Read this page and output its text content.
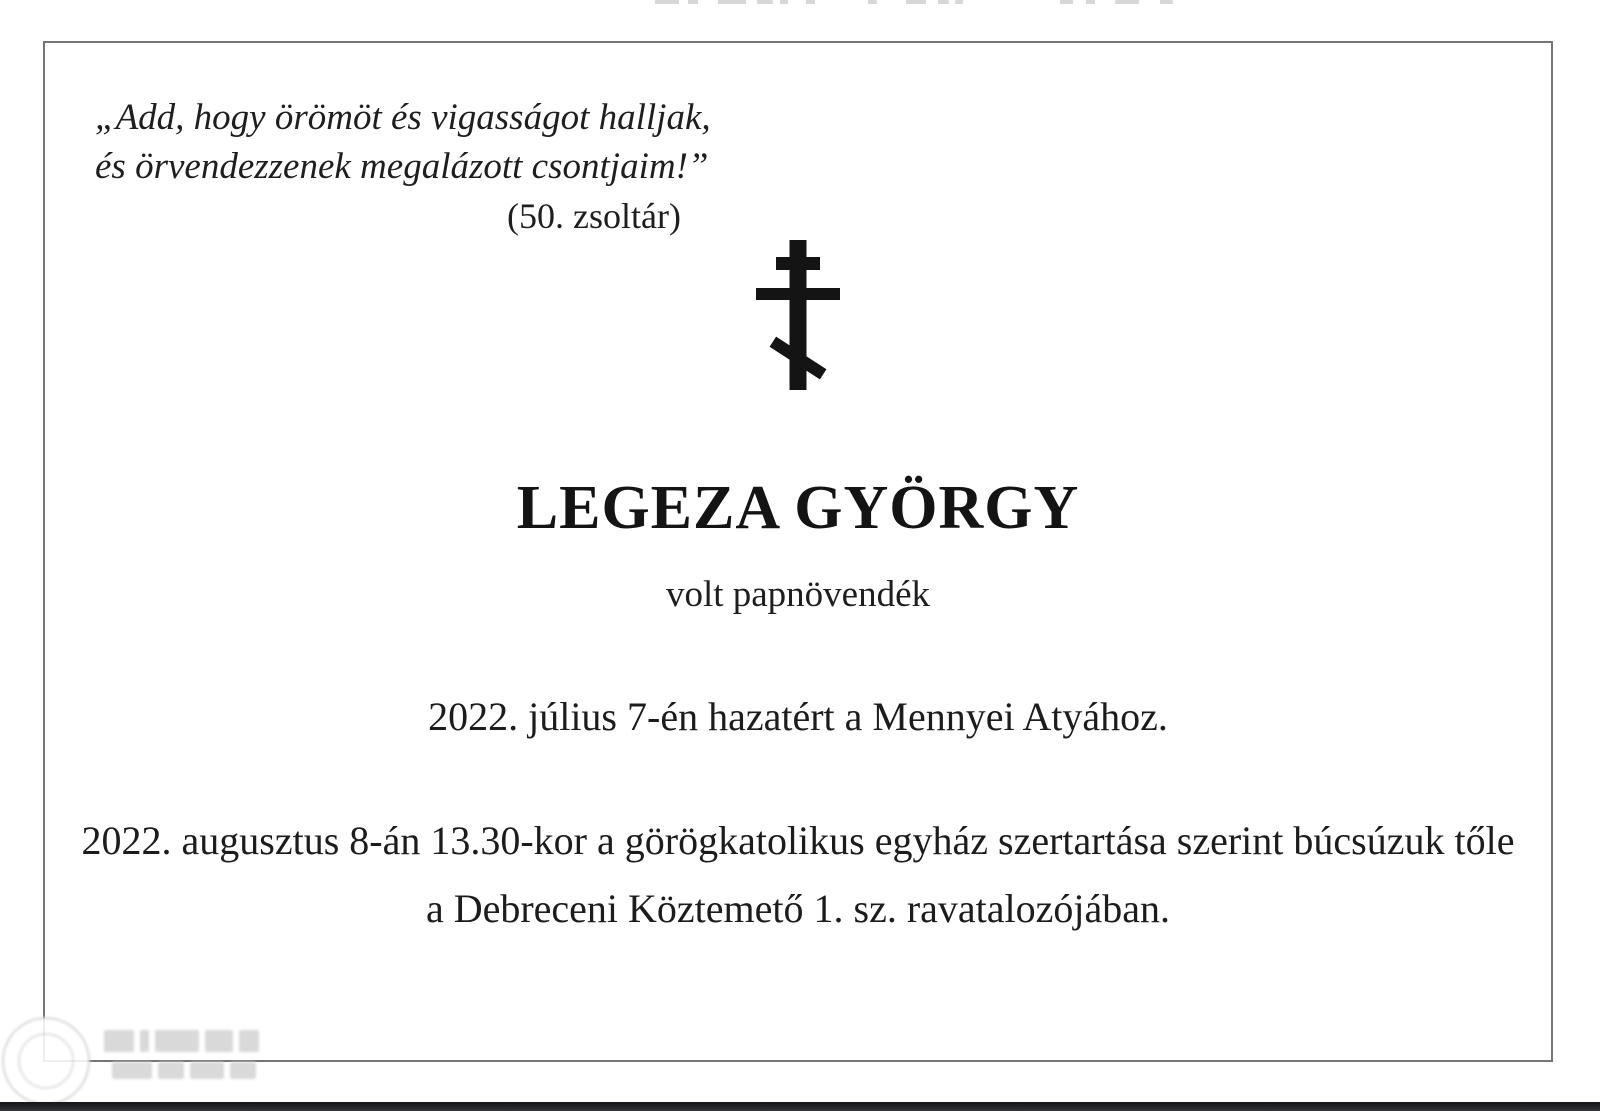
„Add, hogy örömöt és vigasságot halljak,
és örvendezzenek megalázott csontjaim!”
(50. zsoltár)
LEGEZA GYÖRGY
volt papnövendék
2022. július 7-én hazatért a Mennyei Atyához.
2022. augusztus 8-án 13.30-kor a görögkatolikus egyház szertartása szerint búcsúzuk tőle
a Debreceni Köztemető 1. sz. ravatalozójában.
